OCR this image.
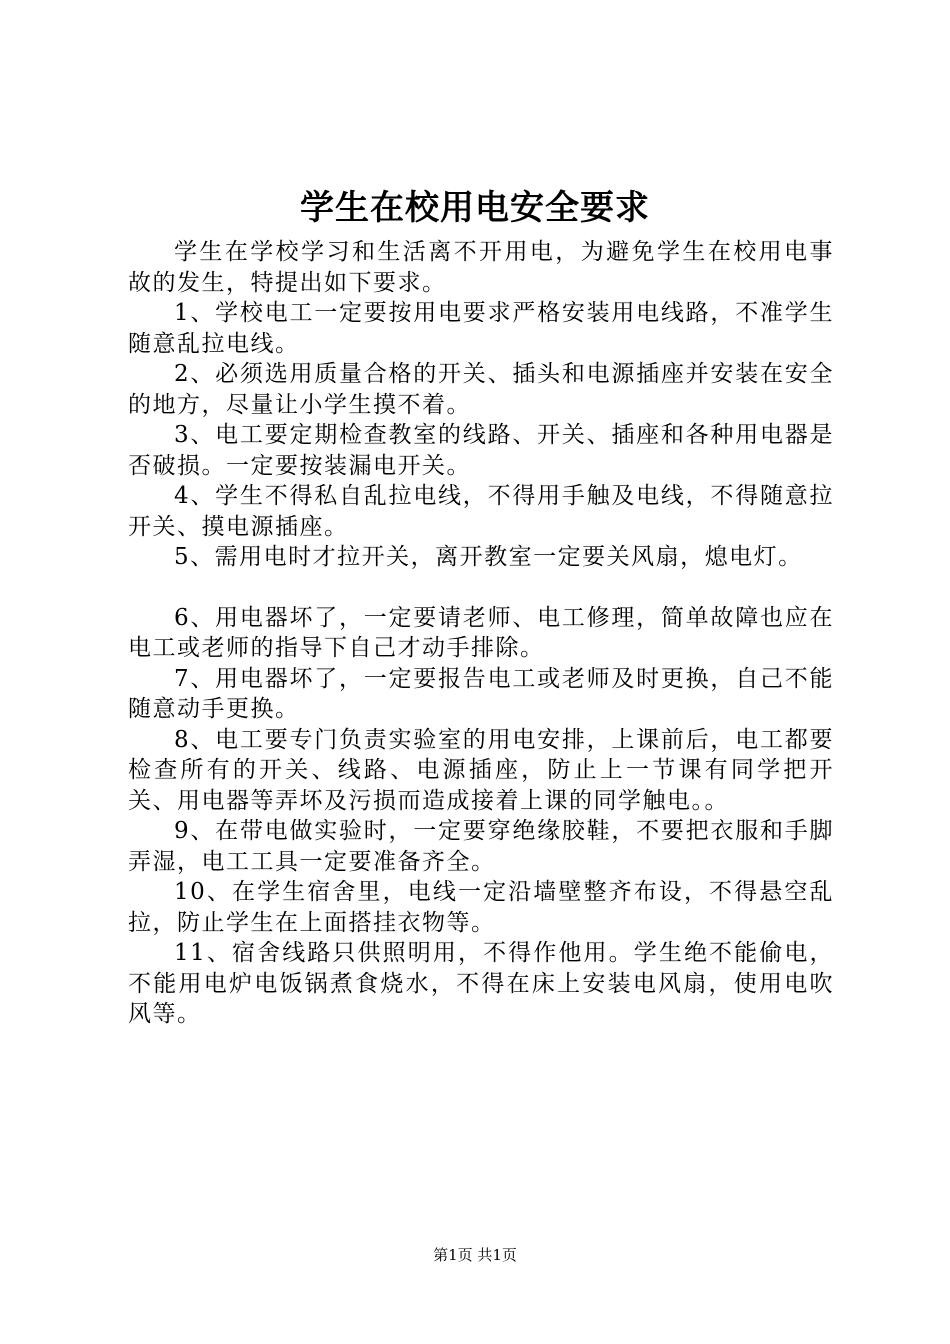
学生在校用电安全要求

学生在学校学习和生活离不开用电，为避免学生在校用电事故的发生，特提出如下要求。

1、学校电工一定要按用电要求严格安装用电线路，不准学生随意乱拉电线。

2、必须选用质量合格的开关、插头和电源插座并安装在安全的地方，尽量让小学生摸不着。

3、电工要定期检查教室的线路、开关、插座和各种用电器是否破损。一定要按装漏电开关。

4、学生不得私自乱拉电线，不得用手触及电线，不得随意拉开关、摸电源插座。

5、需用电时才拉开关，离开教室一定要关风扇，熄电灯。

6、用电器坏了，一定要请老师、电工修理，简单故障也应在电工或老师的指导下自己才动手排除。

7、用电器坏了，一定要报告电工或老师及时更换，自己不能随意动手更换。

8、电工要专门负责实验室的用电安排，上课前后，电工都要检查所有的开关、线路、电源插座，防止上一节课有同学把开关、用电器等弄坏及污损而造成接着上课的同学触电。。

9、在带电做实验时，一定要穿绝缘胶鞋，不要把衣服和手脚弄湿，电工工具一定要准备齐全。

10、在学生宿舍里，电线一定沿墙壁整齐布设，不得悬空乱拉，防止学生在上面搭挂衣物等。

11、宿舍线路只供照明用，不得作他用。学生绝不能偷电，不能用电炉电饭锅煮食烧水，不得在床上安装电风扇，使用电吹风等。

第1页 共1页
